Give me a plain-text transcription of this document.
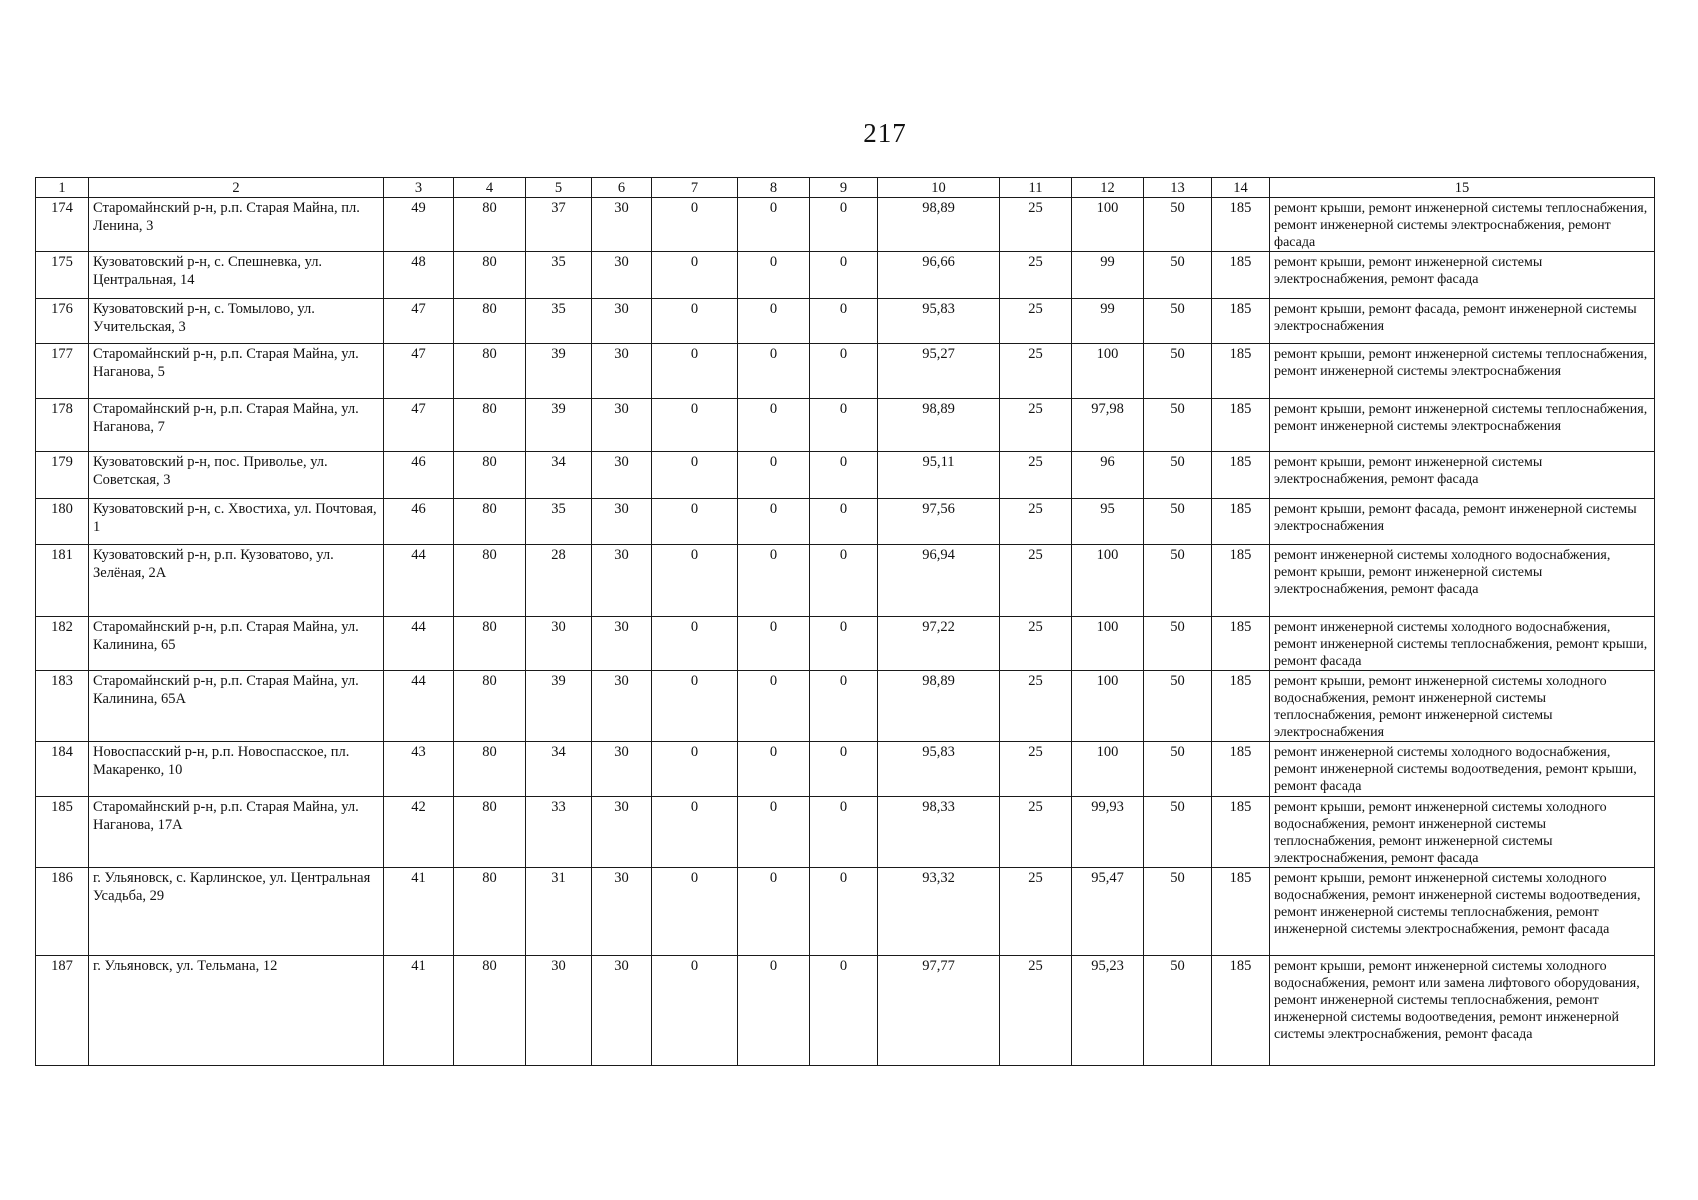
217
1	2	3	4	5	6	7	8	9	10	11	12	13	14	15
174	Старомайнский р-н, р.п. Старая Майна, пл. Ленина, 3	49	80	37	30	0	0	0	98,89	25	100	50	185	ремонт крыши, ремонт инженерной системы теплоснабжения, ремонт инженерной системы электроснабжения, ремонт фасада
175	Кузоватовский р-н, с. Спешневка, ул. Центральная, 14	48	80	35	30	0	0	0	96,66	25	99	50	185	ремонт крыши, ремонт инженерной системы электроснабжения, ремонт фасада
176	Кузоватовский р-н, с. Томылово, ул. Учительская, 3	47	80	35	30	0	0	0	95,83	25	99	50	185	ремонт крыши, ремонт фасада, ремонт инженерной системы электроснабжения
177	Старомайнский р-н, р.п. Старая Майна, ул. Наганова, 5	47	80	39	30	0	0	0	95,27	25	100	50	185	ремонт крыши, ремонт инженерной системы теплоснабжения, ремонт инженерной системы электроснабжения
178	Старомайнский р-н, р.п. Старая Майна, ул. Наганова, 7	47	80	39	30	0	0	0	98,89	25	97,98	50	185	ремонт крыши, ремонт инженерной системы теплоснабжения, ремонт инженерной системы электроснабжения
179	Кузоватовский р-н, пос. Приволье, ул. Советская, 3	46	80	34	30	0	0	0	95,11	25	96	50	185	ремонт крыши, ремонт инженерной системы электроснабжения, ремонт фасада
180	Кузоватовский р-н, с. Хвостиха, ул. Почтовая, 1	46	80	35	30	0	0	0	97,56	25	95	50	185	ремонт крыши, ремонт фасада, ремонт инженерной системы электроснабжения
181	Кузоватовский р-н, р.п. Кузоватово, ул. Зелёная, 2А	44	80	28	30	0	0	0	96,94	25	100	50	185	ремонт инженерной системы холодного водоснабжения, ремонт крыши, ремонт инженерной системы электроснабжения, ремонт фасада
182	Старомайнский р-н, р.п. Старая Майна, ул. Калинина, 65	44	80	30	30	0	0	0	97,22	25	100	50	185	ремонт инженерной системы холодного водоснабжения, ремонт инженерной системы теплоснабжения, ремонт крыши, ремонт фасада
183	Старомайнский р-н, р.п. Старая Майна, ул. Калинина, 65А	44	80	39	30	0	0	0	98,89	25	100	50	185	ремонт крыши, ремонт инженерной системы холодного водоснабжения, ремонт инженерной системы теплоснабжения, ремонт инженерной системы электроснабжения
184	Новоспасский р-н, р.п. Новоспасское, пл. Макаренко, 10	43	80	34	30	0	0	0	95,83	25	100	50	185	ремонт инженерной системы холодного водоснабжения, ремонт инженерной системы водоотведения, ремонт крыши, ремонт фасада
185	Старомайнский р-н, р.п. Старая Майна, ул. Наганова, 17А	42	80	33	30	0	0	0	98,33	25	99,93	50	185	ремонт крыши, ремонт инженерной системы холодного водоснабжения, ремонт инженерной системы теплоснабжения, ремонт инженерной системы электроснабжения, ремонт фасада
186	г. Ульяновск, с. Карлинское, ул. Центральная Усадьба, 29	41	80	31	30	0	0	0	93,32	25	95,47	50	185	ремонт крыши, ремонт инженерной системы холодного водоснабжения, ремонт инженерной системы водоотведения, ремонт инженерной системы теплоснабжения, ремонт инженерной системы электроснабжения, ремонт фасада
187	г. Ульяновск, ул. Тельмана, 12	41	80	30	30	0	0	0	97,77	25	95,23	50	185	ремонт крыши, ремонт инженерной системы холодного водоснабжения, ремонт или замена лифтового оборудования, ремонт инженерной системы теплоснабжения, ремонт инженерной системы водоотведения, ремонт инженерной системы электроснабжения, ремонт фасада
